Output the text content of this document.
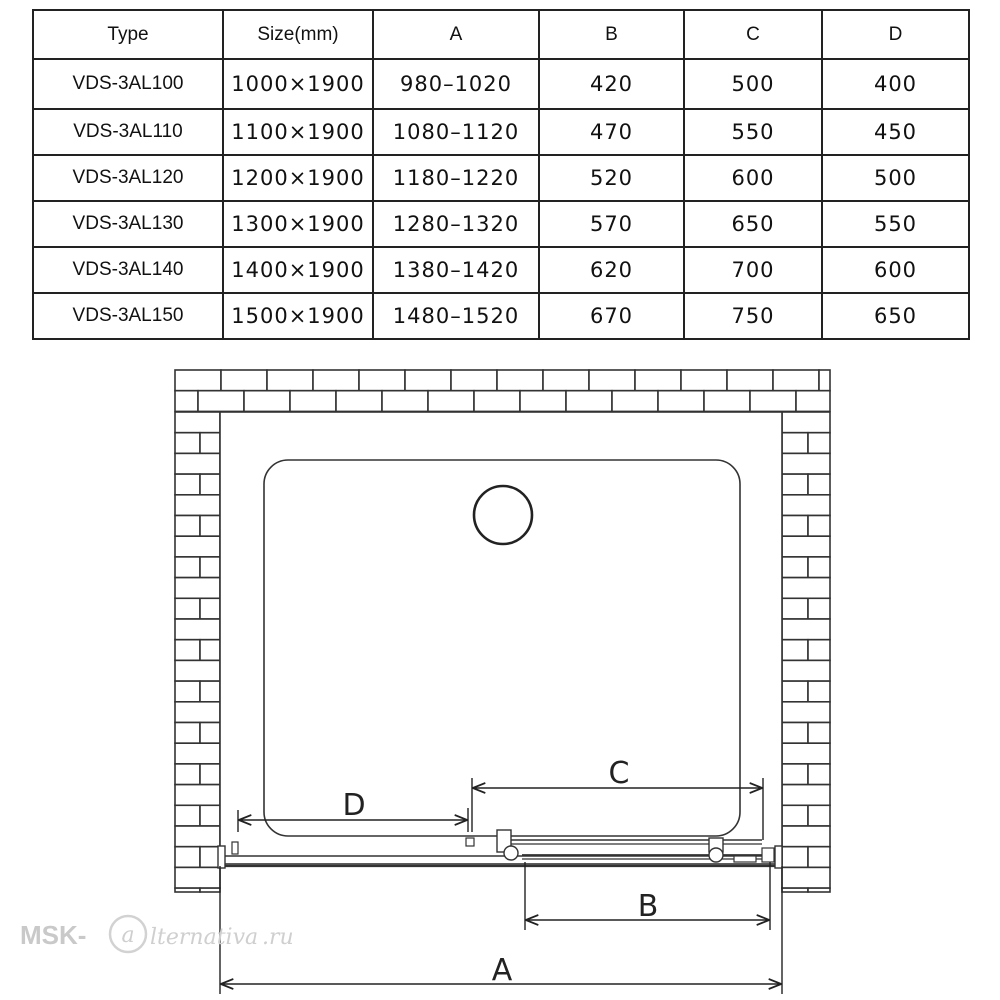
Type	Size(mm)	A	B	C	D
VDS-3AL100	1000×1900	980–1020	420	500	400
VDS-3AL110	1100×1900	1080–1120	470	550	450
VDS-3AL120	1200×1900	1180–1220	520	600	500
VDS-3AL130	1300×1900	1280–1320	570	650	550
VDS-3AL140	1400×1900	1380–1420	620	700	600
VDS-3AL150	1500×1900	1480–1520	670	750	650
D
C
B
A
MSK- a lternativa .ru
